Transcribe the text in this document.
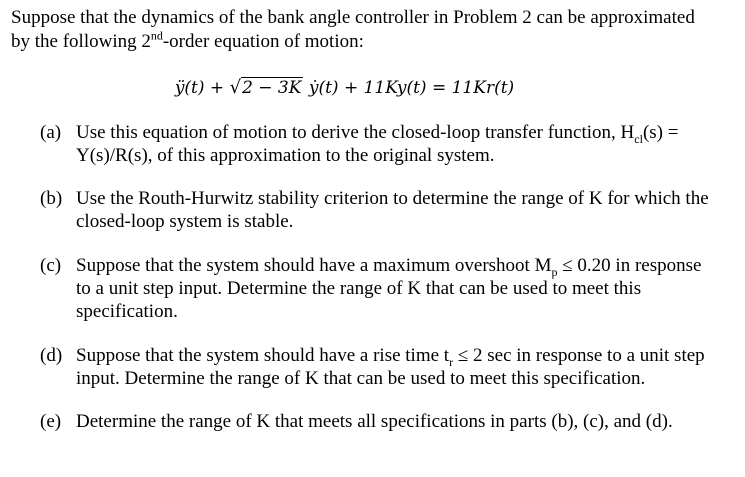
Suppose that the dynamics of the bank angle controller in Problem 2 can be approximated
by the following 2nd-order equation of motion:
ÿ(t) + √2 − 3K ẏ(t) + 11Ky(t) = 11Kr(t)
(a) Use this equation of motion to derive the closed-loop transfer function, $H_{cl}(s)$ =
Y(s)/R(s), of this approximation to the original system.
(b) Use the Routh-Hurwitz stability criterion to determine the range of K for which the
closed-loop system is stable.
(c) Suppose that the system should have a maximum overshoot $M_p \le 0.20$ in response
to a unit step input. Determine the range of K that can be used to meet this
specification.
(d) Suppose that the system should have a rise time $t_r \le 2$ sec in response to a unit step
input. Determine the range of K that can be used to meet this specification.
(e) Determine the range of K that meets all specifications in parts (b), (c), and (d).
